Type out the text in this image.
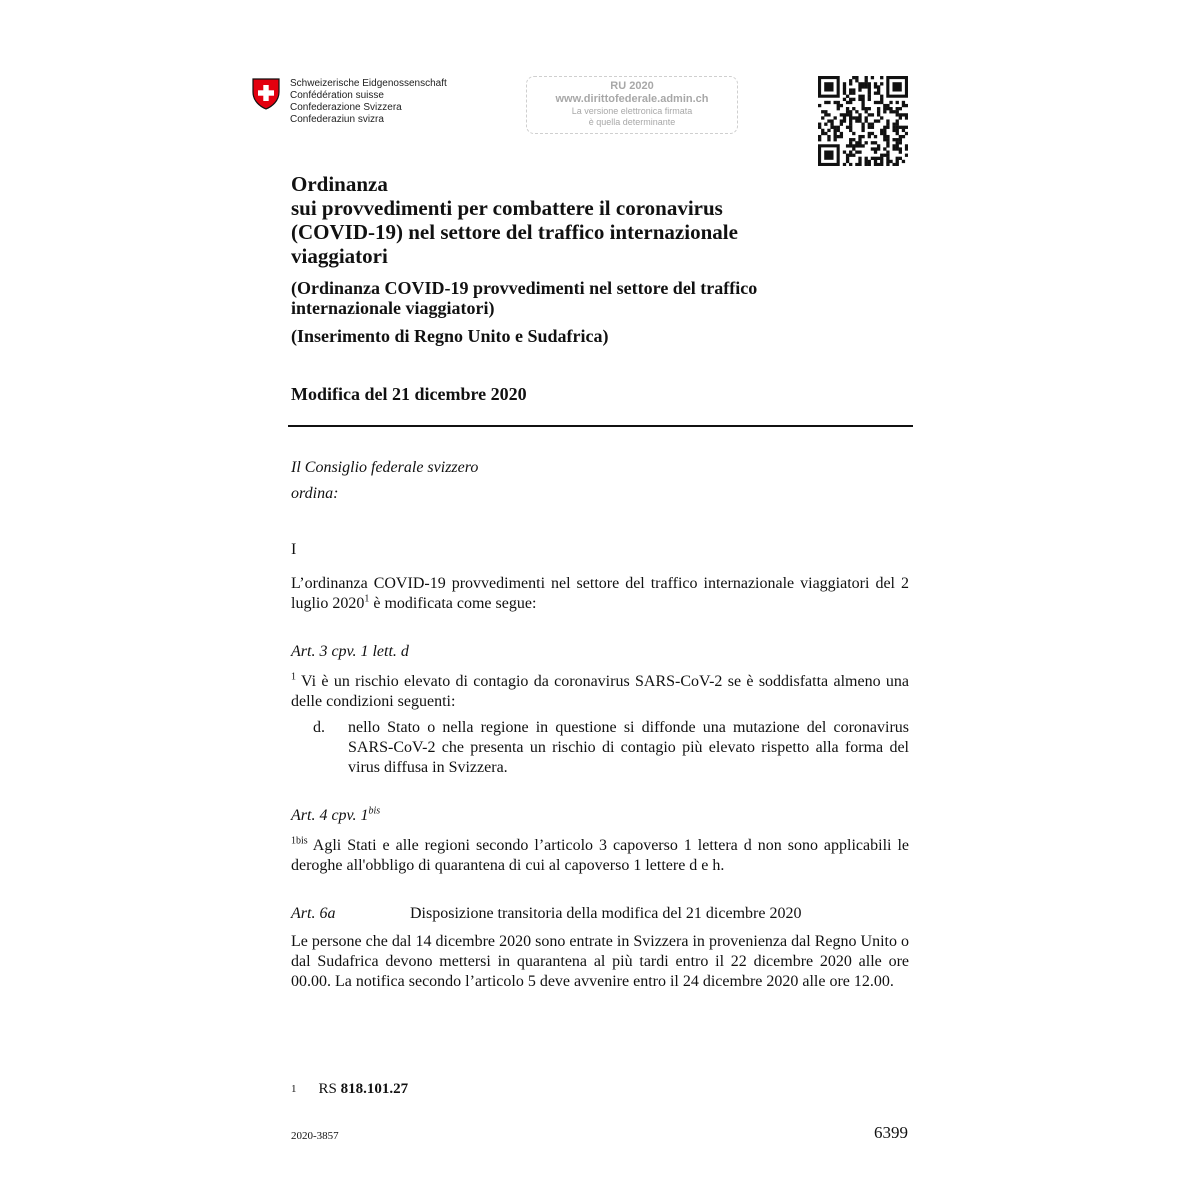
Schweizerische Eidgenossenschaft
Confédération suisse
Confederazione Svizzera
Confederaziun svizra
RU 2020
www.dirittofederale.admin.ch
La versione elettronica firmata
è quella determinante
Ordinanza
sui provvedimenti per combattere il coronavirus
(COVID-19) nel settore del traffico internazionale
viaggiatori
(Ordinanza COVID-19 provvedimenti nel settore del traffico
internazionale viaggiatori)
(Inserimento di Regno Unito e Sudafrica)
Modifica del 21 dicembre 2020
Il Consiglio federale svizzero
ordina:
I
L’ordinanza COVID-19 provvedimenti nel settore del traffico internazionale viaggiatori del 2 luglio 2020$^1$ è modificata come segue:
Art. 3 cpv. 1 lett. d
$^1$ Vi è un rischio elevato di contagio da coronavirus SARS-CoV-2 se è soddisfatta almeno una delle condizioni seguenti:
d. nello Stato o nella regione in questione si diffonde una mutazione del coronavirus SARS-CoV-2 che presenta un rischio di contagio più elevato rispetto alla forma del virus diffusa in Svizzera.
Art. 4 cpv. $1^{bis}$
$^{1bis}$ Agli Stati e alle regioni secondo l’articolo 3 capoverso 1 lettera d non sono applicabili le deroghe all'obbligo di quarantena di cui al capoverso 1 lettere d e h.
Art. 6a	Disposizione transitoria della modifica del 21 dicembre 2020
Le persone che dal 14 dicembre 2020 sono entrate in Svizzera in provenienza dal Regno Unito o dal Sudafrica devono mettersi in quarantena al più tardi entro il 22 dicembre 2020 alle ore 00.00. La notifica secondo l’articolo 5 deve avvenire entro il 24 dicembre 2020 alle ore 12.00.
$^1$ RS 818.101.27
2020-3857	6399
